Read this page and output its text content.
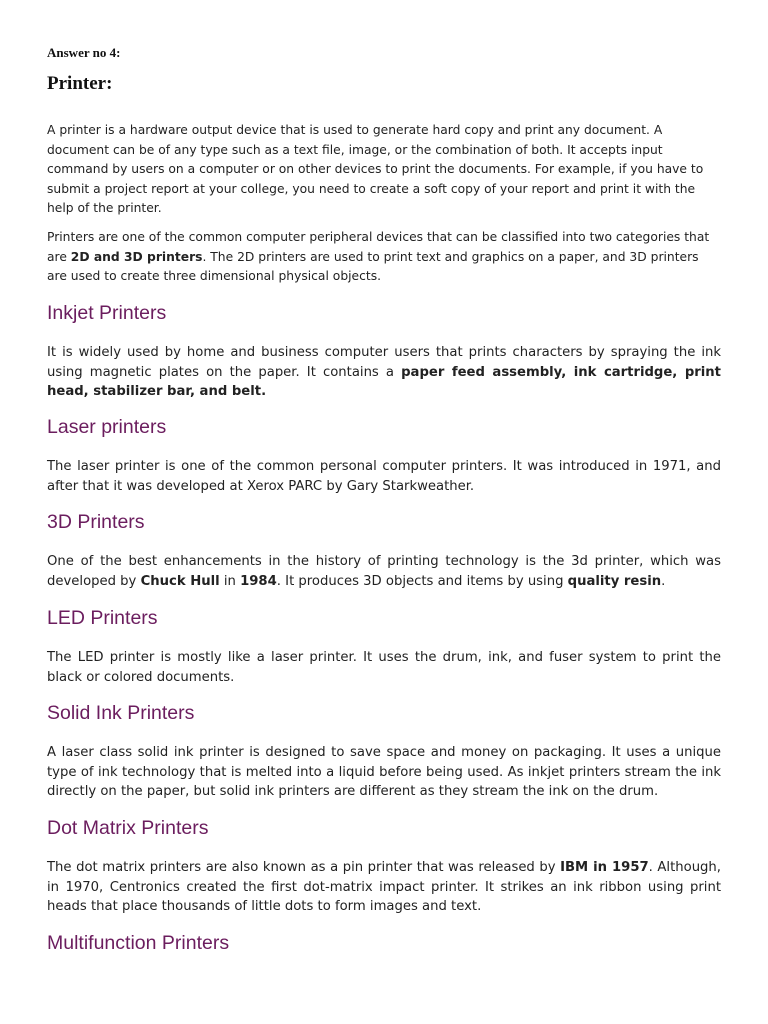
Answer no 4:

Printer:

A printer is a hardware output device that is used to generate hard copy and print any document. A document can be of any type such as a text file, image, or the combination of both. It accepts input command by users on a computer or on other devices to print the documents. For example, if you have to submit a project report at your college, you need to create a soft copy of your report and print it with the help of the printer.

Printers are one of the common computer peripheral devices that can be classified into two categories that are 2D and 3D printers. The 2D printers are used to print text and graphics on a paper, and 3D printers are used to create three dimensional physical objects.

Inkjet Printers

It is widely used by home and business computer users that prints characters by spraying the ink using magnetic plates on the paper. It contains a paper feed assembly, ink cartridge, print head, stabilizer bar, and belt.

Laser printers

The laser printer is one of the common personal computer printers. It was introduced in 1971, and after that it was developed at Xerox PARC by Gary Starkweather.

3D Printers

One of the best enhancements in the history of printing technology is the 3d printer, which was developed by Chuck Hull in 1984. It produces 3D objects and items by using quality resin.

LED Printers

The LED printer is mostly like a laser printer. It uses the drum, ink, and fuser system to print the black or colored documents.

Solid Ink Printers

A laser class solid ink printer is designed to save space and money on packaging. It uses a unique type of ink technology that is melted into a liquid before being used. As inkjet printers stream the ink directly on the paper, but solid ink printers are different as they stream the ink on the drum.

Dot Matrix Printers

The dot matrix printers are also known as a pin printer that was released by IBM in 1957. Although, in 1970, Centronics created the first dot-matrix impact printer. It strikes an ink ribbon using print heads that place thousands of little dots to form images and text.

Multifunction Printers
